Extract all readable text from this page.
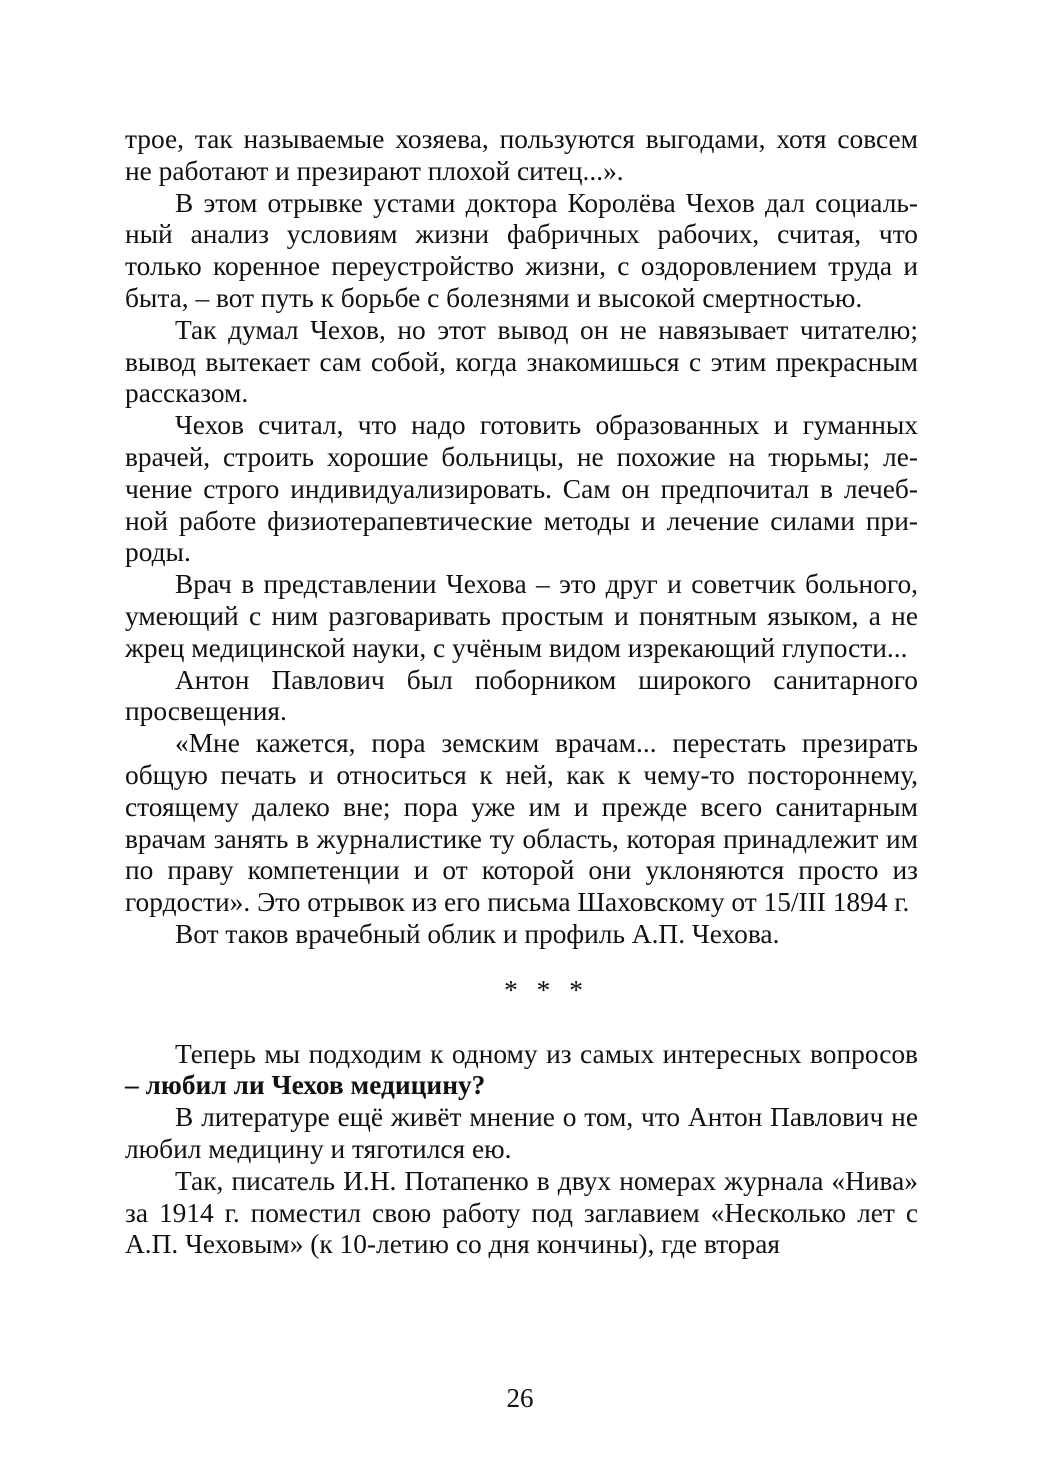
трое, так называемые хозяева, пользуются выгодами, хотя совсем не работают и презирают плохой ситец...».

В этом отрывке устами доктора Королёва Чехов дал социальный анализ условиям жизни фабричных рабочих, считая, что только коренное переустройство жизни, с оздоровлением труда и быта, – вот путь к борьбе с болезнями и высокой смертностью.

Так думал Чехов, но этот вывод он не навязывает читателю; вывод вытекает сам собой, когда знакомишься с этим прекрасным рассказом.

Чехов считал, что надо готовить образованных и гуманных врачей, строить хорошие больницы, не похожие на тюрьмы; лечение строго индивидуализировать. Сам он предпочитал в лечебной работе физиотерапевтические методы и лечение силами природы.

Врач в представлении Чехова – это друг и советчик больного, умеющий с ним разговаривать простым и понятным языком, а не жрец медицинской науки, с учёным видом изрекающий глупости...

Антон Павлович был поборником широкого санитарного просвещения.

«Мне кажется, пора земским врачам... перестать презирать общую печать и относиться к ней, как к чему-то постороннему, стоящему далеко вне; пора уже им и прежде всего санитарным врачам занять в журналистике ту область, которая принадлежит им по праву компетенции и от которой они уклоняются просто из гордости». Это отрывок из его письма Шаховскому от 15/III 1894 г.

Вот таков врачебный облик и профиль А.П. Чехова.

* * *

Теперь мы подходим к одному из самых интересных вопросов – любил ли Чехов медицину?

В литературе ещё живёт мнение о том, что Антон Павлович не любил медицину и тяготился ею.

Так, писатель И.Н. Потапенко в двух номерах журнала «Нива» за 1914 г. поместил свою работу под заглавием «Несколько лет с А.П. Чеховым» (к 10-летию со дня кончины), где вторая

26
